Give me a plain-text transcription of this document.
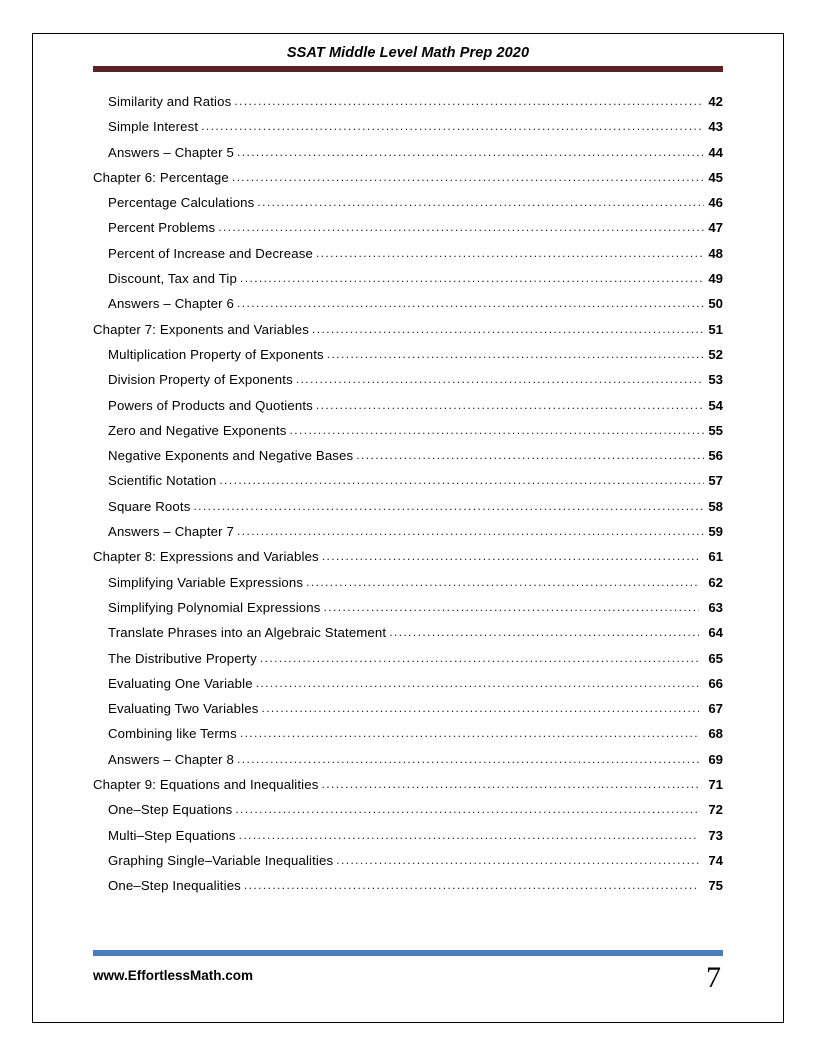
SSAT Middle Level Math Prep 2020
Similarity and Ratios .....	42
Simple Interest .....	43
Answers – Chapter 5 .....	44
Chapter 6: Percentage .....	45
Percentage Calculations .....	46
Percent Problems .....	47
Percent of Increase and Decrease .....	48
Discount, Tax and Tip .....	49
Answers – Chapter 6 .....	50
Chapter 7: Exponents and Variables .....	51
Multiplication Property of Exponents .....	52
Division Property of Exponents .....	53
Powers of Products and Quotients .....	54
Zero and Negative Exponents .....	55
Negative Exponents and Negative Bases .....	56
Scientific Notation .....	57
Square Roots .....	58
Answers – Chapter 7 .....	59
Chapter 8: Expressions and Variables .....	61
Simplifying Variable Expressions .....	62
Simplifying Polynomial Expressions .....	63
Translate Phrases into an Algebraic Statement .....	64
The Distributive Property .....	65
Evaluating One Variable .....	66
Evaluating Two Variables .....	67
Combining like Terms .....	68
Answers – Chapter 8 .....	69
Chapter 9: Equations and Inequalities .....	71
One–Step Equations .....	72
Multi–Step Equations .....	73
Graphing Single–Variable Inequalities .....	74
One–Step Inequalities .....	75
www.EffortlessMath.com	7
